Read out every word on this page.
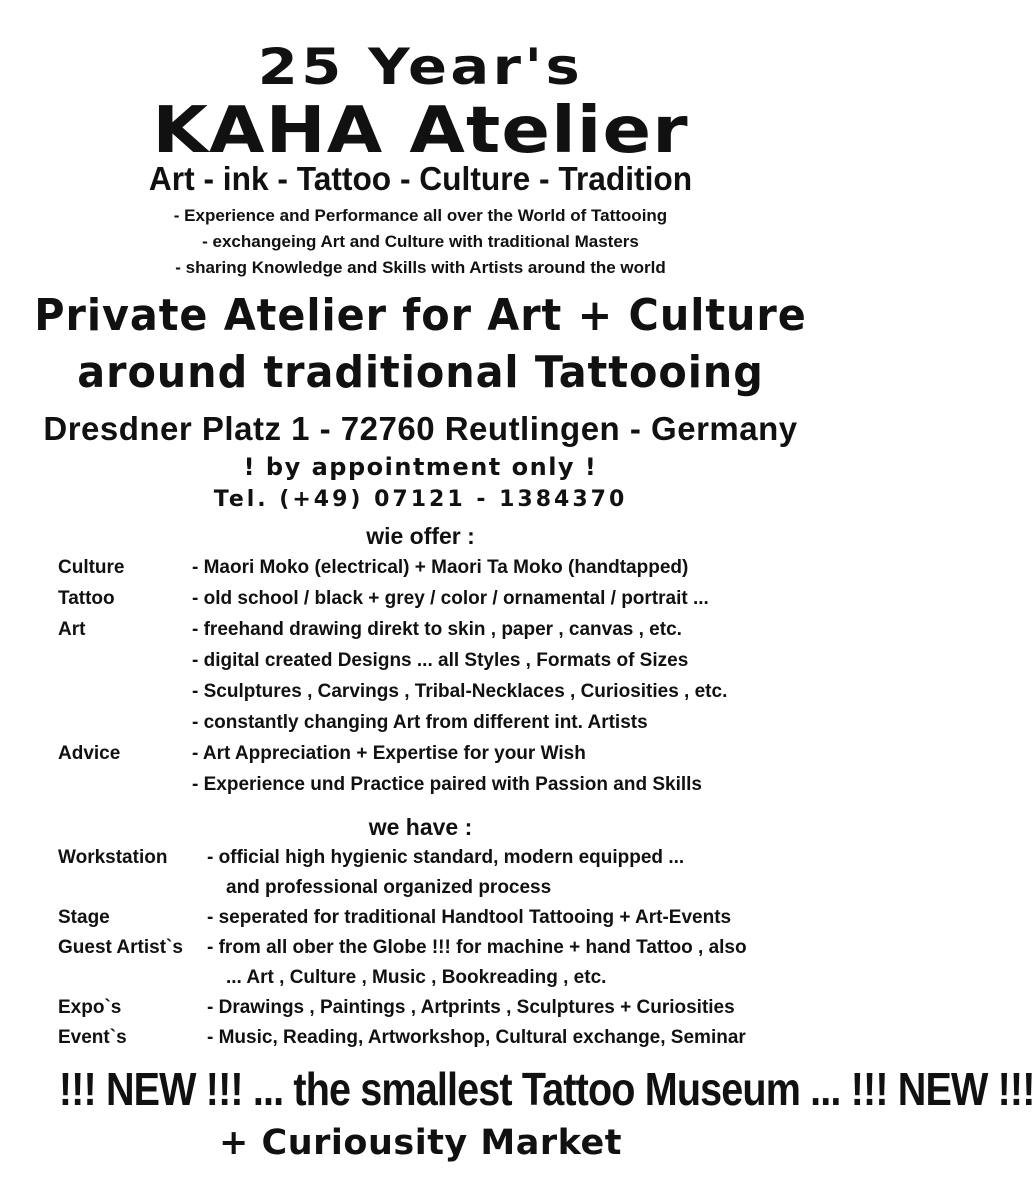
25 Year's
KAHA Atelier
Art - ink - Tattoo - Culture - Tradition
- Experience and Performance all over the World of Tattooing
- exchangeing Art and Culture with traditional Masters
- sharing Knowledge and Skills with Artists around the world
Private Atelier for Art + Culture
around traditional Tattooing
Dresdner Platz 1 - 72760 Reutlingen - Germany
! by appointment only !
Tel. (+49) 07121 - 1384370
wie offer :
Culture	- Maori Moko (electrical) + Maori Ta Moko (handtapped)
Tattoo	- old school / black + grey / color / ornamental / portrait ...
Art	- freehand drawing direkt to skin , paper , canvas , etc.
- digital created Designs ... all Styles , Formats of Sizes
- Sculptures , Carvings , Tribal-Necklaces , Curiosities , etc.
- constantly changing Art from different int. Artists
Advice	- Art Appreciation + Expertise for your Wish
- Experience und Practice paired with Passion and Skills
we have :
Workstation - official high hygienic standard, modern equipped ...
and professional organized process
Stage	- seperated for traditional Handtool Tattooing + Art-Events
Guest Artist`s - from all ober the Globe !!! for machine + hand Tattoo , also
... Art , Culture , Music , Bookreading , etc.
Expo`s	- Drawings , Paintings , Artprints , Sculptures + Curiosities
Event`s	- Music, Reading, Artworkshop, Cultural exchange, Seminar
!!! NEW !!! ... the smallest Tattoo Museum ... !!! NEW !!!
+ Curiousity Market
